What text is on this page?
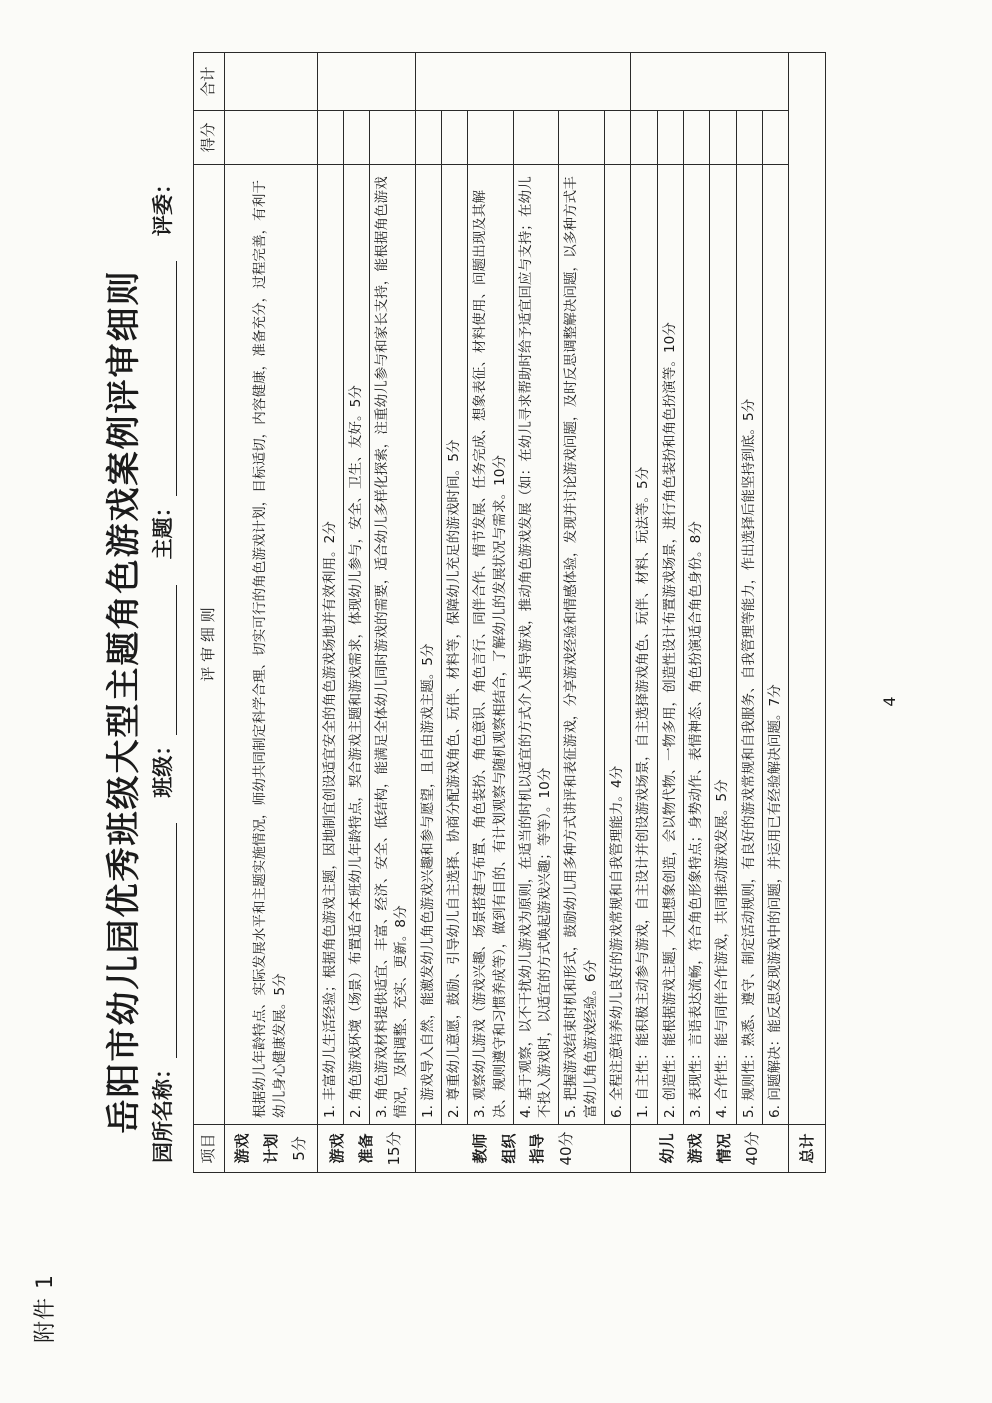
附件 1
岳阳市幼儿园优秀班级大型主题角色游戏案例评审细则 园所名称： 班级： 主题： 评委：
项目	评 审 细 则	得分	合计

游戏 计划 5分	根据幼儿年龄特点、实际发展水平和主题实施情况，师幼共同制定科学合理、切实可行的角色游戏计划，目标适切，内容健康，准备充分，过程完善，有利于幼儿身心健康发展。5分		

游戏 准备 15分	1. 丰富幼儿生活经验；根据角色游戏主题，因地制宜创设适宜安全的角色游戏场地并有效利用。2分		
	2. 角色游戏环境（场景）布置适合本班幼儿年龄特点，契合游戏主题和游戏需求，体现幼儿参与，安全、卫生、友好。5分		
	3. 角色游戏材料提供适宜、丰富、经济、安全、低结构，能满足全体幼儿同时游戏的需要，适合幼儿多样化探索，注重幼儿参与和家长支持，能根据角色游戏情况，及时调整、充实、更新。8分		

教师 组织 指导 40分	1. 游戏导入自然，能激发幼儿角色游戏兴趣和参与愿望，且自由游戏主题。5分		
	2. 尊重幼儿意愿，鼓励、引导幼儿自主选择、协商分配游戏角色、玩伴、材料等，保障幼儿充足的游戏时间。5分		
	3. 观察幼儿游戏（游戏兴趣、场景搭建与布置、角色装扮、角色意识、角色言行、同伴合作、情节发展、任务完成、想象表征、材料使用、问题出现及其解决、规则遵守和习惯养成等），做到有目的、有计划观察与随机观察相结合，了解幼儿的发展状况与需求。10分		
	4. 基于观察，以不干扰幼儿游戏为原则，在适当的时机以适宜的方式介入指导游戏，推动角色游戏发展（如：在幼儿寻求帮助时给予适宜回应与支持；在幼儿不投入游戏时，以适宜的方式唤起游戏兴趣；等等）。10分		
	5. 把握游戏结束时机和形式，鼓励幼儿用多种方式讲评和表征游戏，分享游戏经验和情感体验，发现并讨论游戏问题，及时反思调整解决问题，以多种方式丰富幼儿角色游戏经验。6分		
	6. 全程注意培养幼儿良好的游戏常规和自我管理能力。4分		

幼儿 游戏 情况 40分	1. 自主性：能积极主动参与游戏，自主设计并创设游戏场景，自主选择游戏角色、玩伴、材料、玩法等。5分		
	2. 创造性：能根据游戏主题，大胆想象创造，会以物代物、一物多用，创造性设计布置游戏场景，进行角色装扮和角色扮演等。10分		
	3. 表现性：言语表达流畅，符合角色形象特点；身势动作、表情神态、角色扮演适合角色身份。8分		
	4. 合作性：能与同伴合作游戏，共同推动游戏发展。5分		
	5. 规则性：熟悉、遵守、制定活动规则，有良好的游戏常规和自我服务、自我管理等能力，作出选择后能坚持到底。5分		
	6. 问题解决：能反思发现游戏中的问题，并运用已有经验解决问题。7分		
总计			
4
